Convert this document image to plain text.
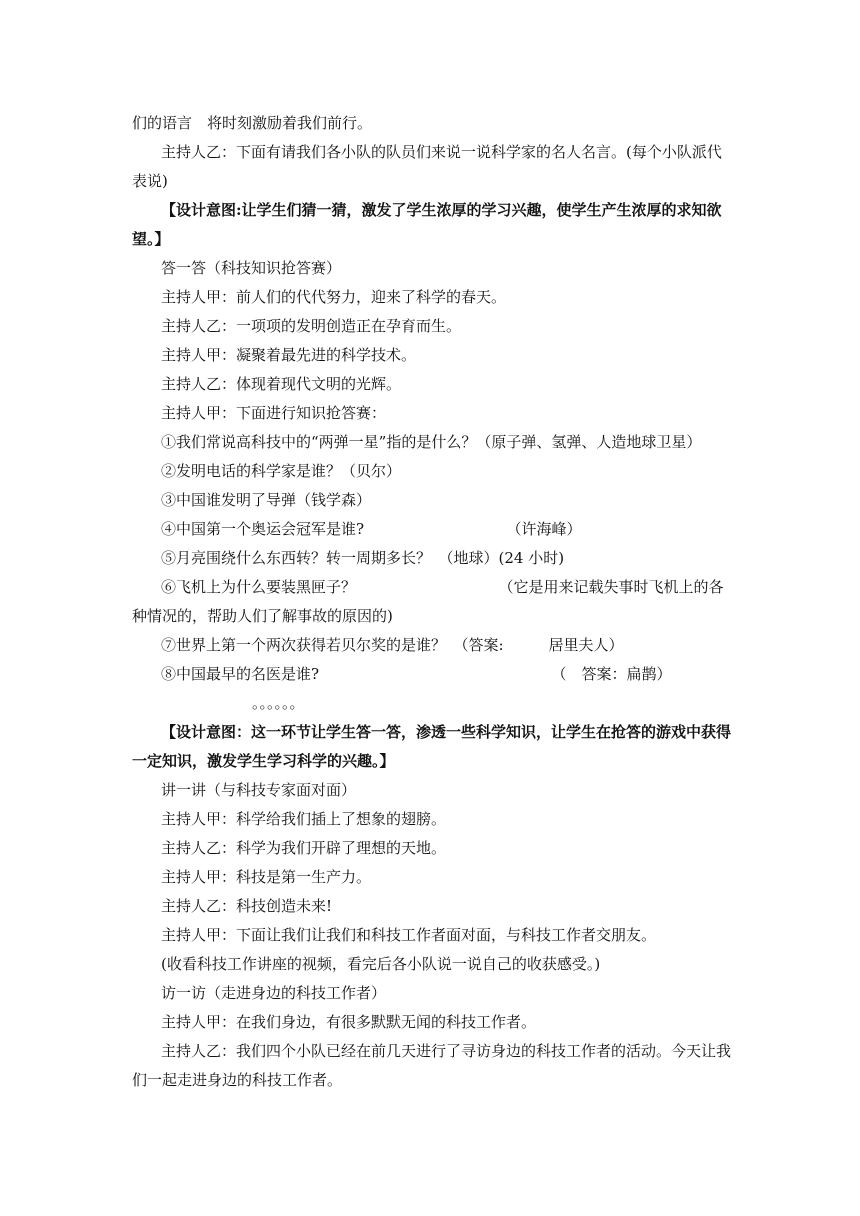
们的语言　将时刻激励着我们前行。

主持人乙：下面有请我们各小队的队员们来说一说科学家的名人名言。(每个小队派代表说)

【设计意图:让学生们猜一猜，激发了学生浓厚的学习兴趣，使学生产生浓厚的求知欲望。】

答一答（科技知识抢答赛）

主持人甲：前人们的代代努力，迎来了科学的春天。

主持人乙：一项项的发明创造正在孕育而生。

主持人甲：凝聚着最先进的科学技术。

主持人乙：体现着现代文明的光辉。

主持人甲：下面进行知识抢答赛：

①我们常说高科技中的“两弹一星”指的是什么？（原子弹、氢弹、人造地球卫星）

②发明电话的科学家是谁？（贝尔）

③中国谁发明了导弹（钱学森）

④中国第一个奥运会冠军是谁?　　　　　　　　　　（许海峰）

⑤月亮围绕什么东西转？转一周期多长？　（地球）(24 小时)

⑥飞机上为什么要装黑匣子？　　　　　　　　　　（它是用来记载失事时飞机上的各种情况的，帮助人们了解事故的原因的)

⑦世界上第一个两次获得若贝尔奖的是谁？　（答案:　　　居里夫人）

⑧中国最早的名医是谁?　　　　　　　　　　　　　　　　（　答案：扁鹊）

。。。。。。

【设计意图：这一环节让学生答一答，渗透一些科学知识，让学生在抢答的游戏中获得一定知识，激发学生学习科学的兴趣。】

讲一讲（与科技专家面对面）

主持人甲：科学给我们插上了想象的翅膀。

主持人乙：科学为我们开辟了理想的天地。

主持人甲：科技是第一生产力。

主持人乙：科技创造未来!

主持人甲：下面让我们让我们和科技工作者面对面，与科技工作者交朋友。

(收看科技工作讲座的视频，看完后各小队说一说自己的收获感受。)

访一访（走进身边的科技工作者）

主持人甲：在我们身边，有很多默默无闻的科技工作者。

主持人乙：我们四个小队已经在前几天进行了寻访身边的科技工作者的活动。今天让我们一起走进身边的科技工作者。
